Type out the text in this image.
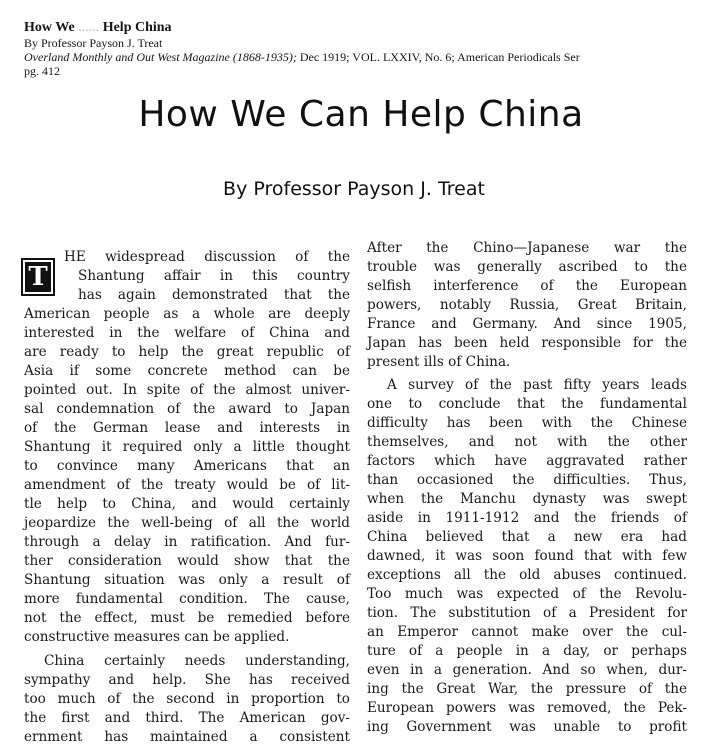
How We ...... Help China
By Professor Payson J. Treat
Overland Monthly and Out West Magazine (1868-1935); Dec 1919; VOL. LXXIV, No. 6; American Periodicals Ser
pg. 412
How We Can Help China
By Professor Payson J. Treat
T
HE widespread discussion of the
Shantung affair in this country
has again demonstrated that the
American people as a whole are deeply
interested in the welfare of China and
are ready to help the great republic of
Asia if some concrete method can be
pointed out. In spite of the almost univer-
sal condemnation of the award to Japan
of the German lease and interests in
Shantung it required only a little thought
to convince many Americans that an
amendment of the treaty would be of lit-
tle help to China, and would certainly
jeopardize the well-being of all the world
through a delay in ratification. And fur-
ther consideration would show that the
Shantung situation was only a result of
more fundamental condition. The cause,
not the effect, must be remedied before
constructive measures can be applied.
China certainly needs understanding,
sympathy and help. She has received
too much of the second in proportion to
the first and third. The American gov-
ernment has maintained a consistent
After the Chino—Japanese war the
trouble was generally ascribed to the
selfish interference of the European
powers, notably Russia, Great Britain,
France and Germany. And since 1905,
Japan has been held responsible for the
present ills of China.
A survey of the past fifty years leads
one to conclude that the fundamental
difficulty has been with the Chinese
themselves, and not with the other
factors which have aggravated rather
than occasioned the difficulties. Thus,
when the Manchu dynasty was swept
aside in 1911-1912 and the friends of
China believed that a new era had
dawned, it was soon found that with few
exceptions all the old abuses continued.
Too much was expected of the Revolu-
tion. The substitution of a President for
an Emperor cannot make over the cul-
ture of a people in a day, or perhaps
even in a generation. And so when, dur-
ing the Great War, the pressure of the
European powers was removed, the Pek-
ing Government was unable to profit
